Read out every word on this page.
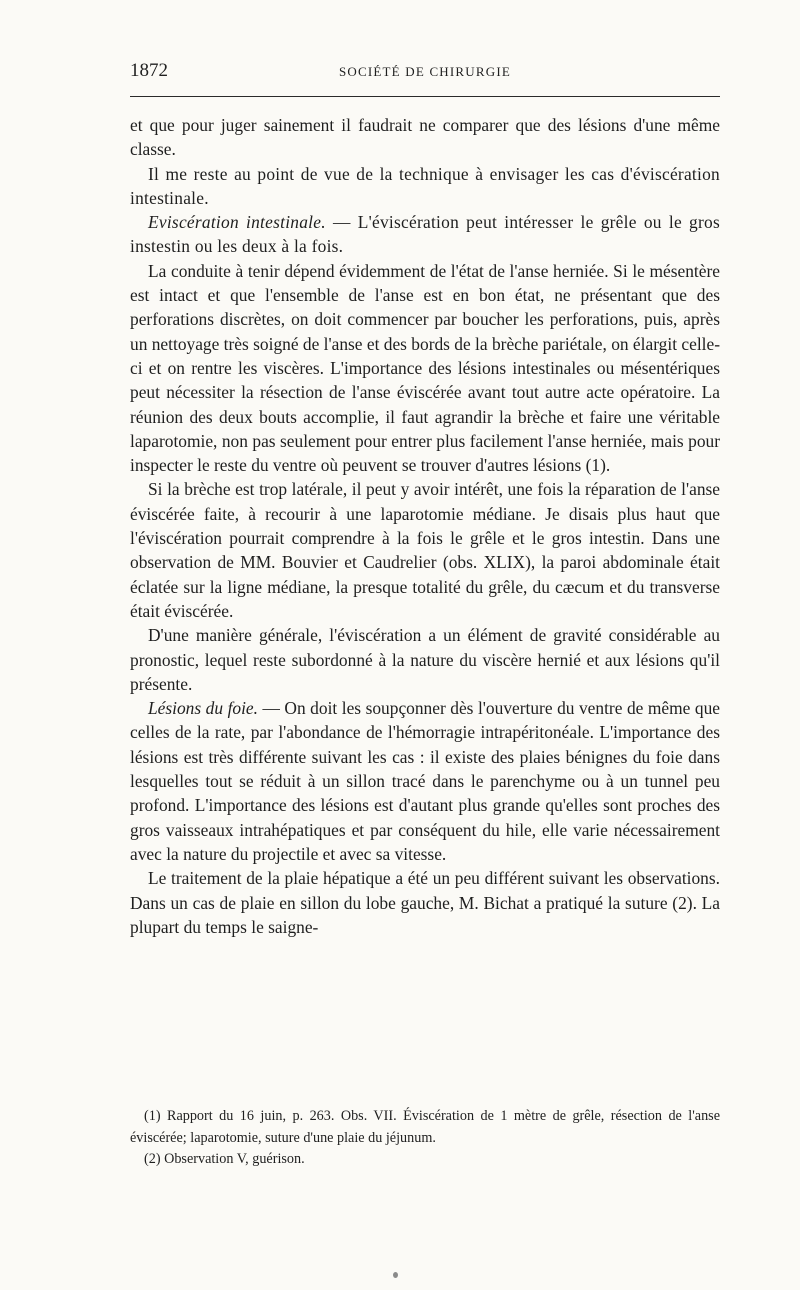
1872	SOCIÉTÉ DE CHIRURGIE

et que pour juger sainement il faudrait ne comparer que des lésions d'une même classe.

Il me reste au point de vue de la technique à envisager les cas d'éviscération intestinale.

Eviscération intestinale. — L'éviscération peut intéresser le grêle ou le gros instestin ou les deux à la fois.

La conduite à tenir dépend évidemment de l'état de l'anse herniée. Si le mésentère est intact et que l'ensemble de l'anse est en bon état, ne présentant que des perforations discrètes, on doit commencer par boucher les perforations, puis, après un nettoyage très soigné de l'anse et des bords de la brèche pariétale, on élargit celle-ci et on rentre les viscères. L'importance des lésions intestinales ou mésentériques peut nécessiter la résection de l'anse éviscérée avant tout autre acte opératoire. La réunion des deux bouts accomplie, il faut agrandir la brèche et faire une véritable laparotomie, non pas seulement pour entrer plus facilement l'anse herniée, mais pour inspecter le reste du ventre où peuvent se trouver d'autres lésions (1).

Si la brèche est trop latérale, il peut y avoir intérêt, une fois la réparation de l'anse éviscérée faite, à recourir à une laparotomie médiane. Je disais plus haut que l'éviscération pourrait comprendre à la fois le grêle et le gros intestin. Dans une observation de MM. Bouvier et Caudrelier (obs. XLIX), la paroi abdominale était éclatée sur la ligne médiane, la presque totalité du grêle, du cæcum et du transverse était éviscérée.

D'une manière générale, l'éviscération a un élément de gravité considérable au pronostic, lequel reste subordonné à la nature du viscère hernié et aux lésions qu'il présente.

Lésions du foie. — On doit les soupçonner dès l'ouverture du ventre de même que celles de la rate, par l'abondance de l'hémorragie intrapéritonéale. L'importance des lésions est très différente suivant les cas : il existe des plaies bénignes du foie dans lesquelles tout se réduit à un sillon tracé dans le parenchyme ou à un tunnel peu profond. L'importance des lésions est d'autant plus grande qu'elles sont proches des gros vaisseaux intrahépatiques et par conséquent du hile, elle varie nécessairement avec la nature du projectile et avec sa vitesse.

Le traitement de la plaie hépatique a été un peu différent suivant les observations. Dans un cas de plaie en sillon du lobe gauche, M. Bichat a pratiqué la suture (2). La plupart du temps le saigne-

(1) Rapport du 16 juin, p. 263. Obs. VII. Éviscération de 1 mètre de grêle, résection de l'anse éviscérée; laparotomie, suture d'une plaie du jéjunum.

(2) Observation V, guérison.
